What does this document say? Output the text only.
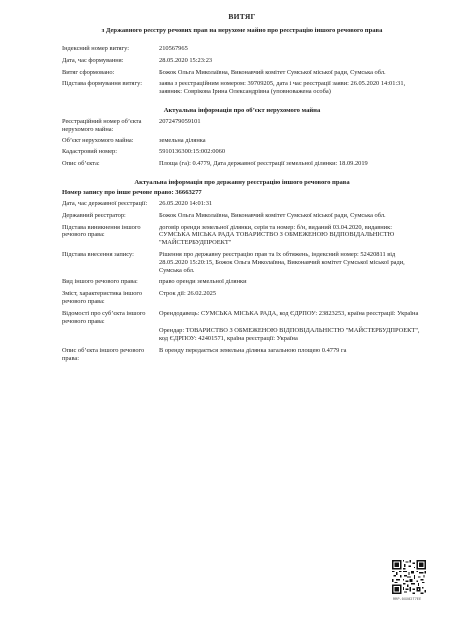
ВИТЯГ
з Державного реєстру речових прав на нерухоме майно про реєстрацію іншого речового права
Індексний номер витягу:	210567965
Дата, час формування:	28.05.2020 15:23:23
Витяг сформовано:	Божок Ольга Миколаївна, Виконавчий комітет Сумської міської ради, Сумська обл.
Підстава формування витягу:	заява з реєстраційним номером: 39709205, дата і час реєстрації заяви: 26.05.2020 14:01:31, заявник: Соврікова Ірина Олександрівна (уповноважена особа)
Актуальна інформація про об’єкт нерухомого майна
Реєстраційний номер об’єкта нерухомого майна:
2072479059101
Об’єкт нерухомого майна:	земельна ділянка
Кадастровий номер:	5910136300:15:002:0060
Опис об’єкта:	Площа (га): 0.4779, Дата державної реєстрації земельної ділянки: 18.09.2019
Актуальна інформація про державну реєстрацію іншого речового права
Номер запису про інше речове право: 36663277
Дата, час державної реєстрації:	26.05.2020 14:01:31
Державний реєстратор:	Божок Ольга Миколаївна, Виконавчий комітет Сумської міської ради, Сумська обл.
Підстава виникнення іншого речового права:
договір оренди земельної ділянки, серія та номер: б/н, виданий 03.04.2020, видавник: СУМСЬКА МІСЬКА РАДА ТОВАРИСТВО З ОБМЕЖЕНОЮ ВІДПОВІДАЛЬНІСТЮ "МАЙСТЕРБУДПРОЕКТ"
Підстава внесення запису:	Рішення про державну реєстрацію прав та їх обтяжень, індексний номер: 52420811 від 28.05.2020 15:20:15, Божок Ольга Миколаївна, Виконавчий комітет Сумської міської ради, Сумська обл.
Вид іншого речового права:	право оренди земельної ділянки
Зміст, характеристика іншого речового права:
Строк дії: 26.02.2025
Відомості про суб’єкта іншого речового права:
Орендодавець: СУМСЬКА МІСЬКА РАДА, код ЄДРПОУ: 23823253, країна реєстрації: Україна
Орендар: ТОВАРИСТВО З ОБМЕЖЕНОЮ ВІДПОВІДАЛЬНІСТЮ "МАЙСТЕРБУДПРОЕКТ", код ЄДРПОУ: 42401571, країна реєстрації: Україна
Опис об’єкта іншого речового права:
В оренду передається земельна ділянка загальною площею 0.4779 га
RRP-0ХХ02Т7ЕЕ
